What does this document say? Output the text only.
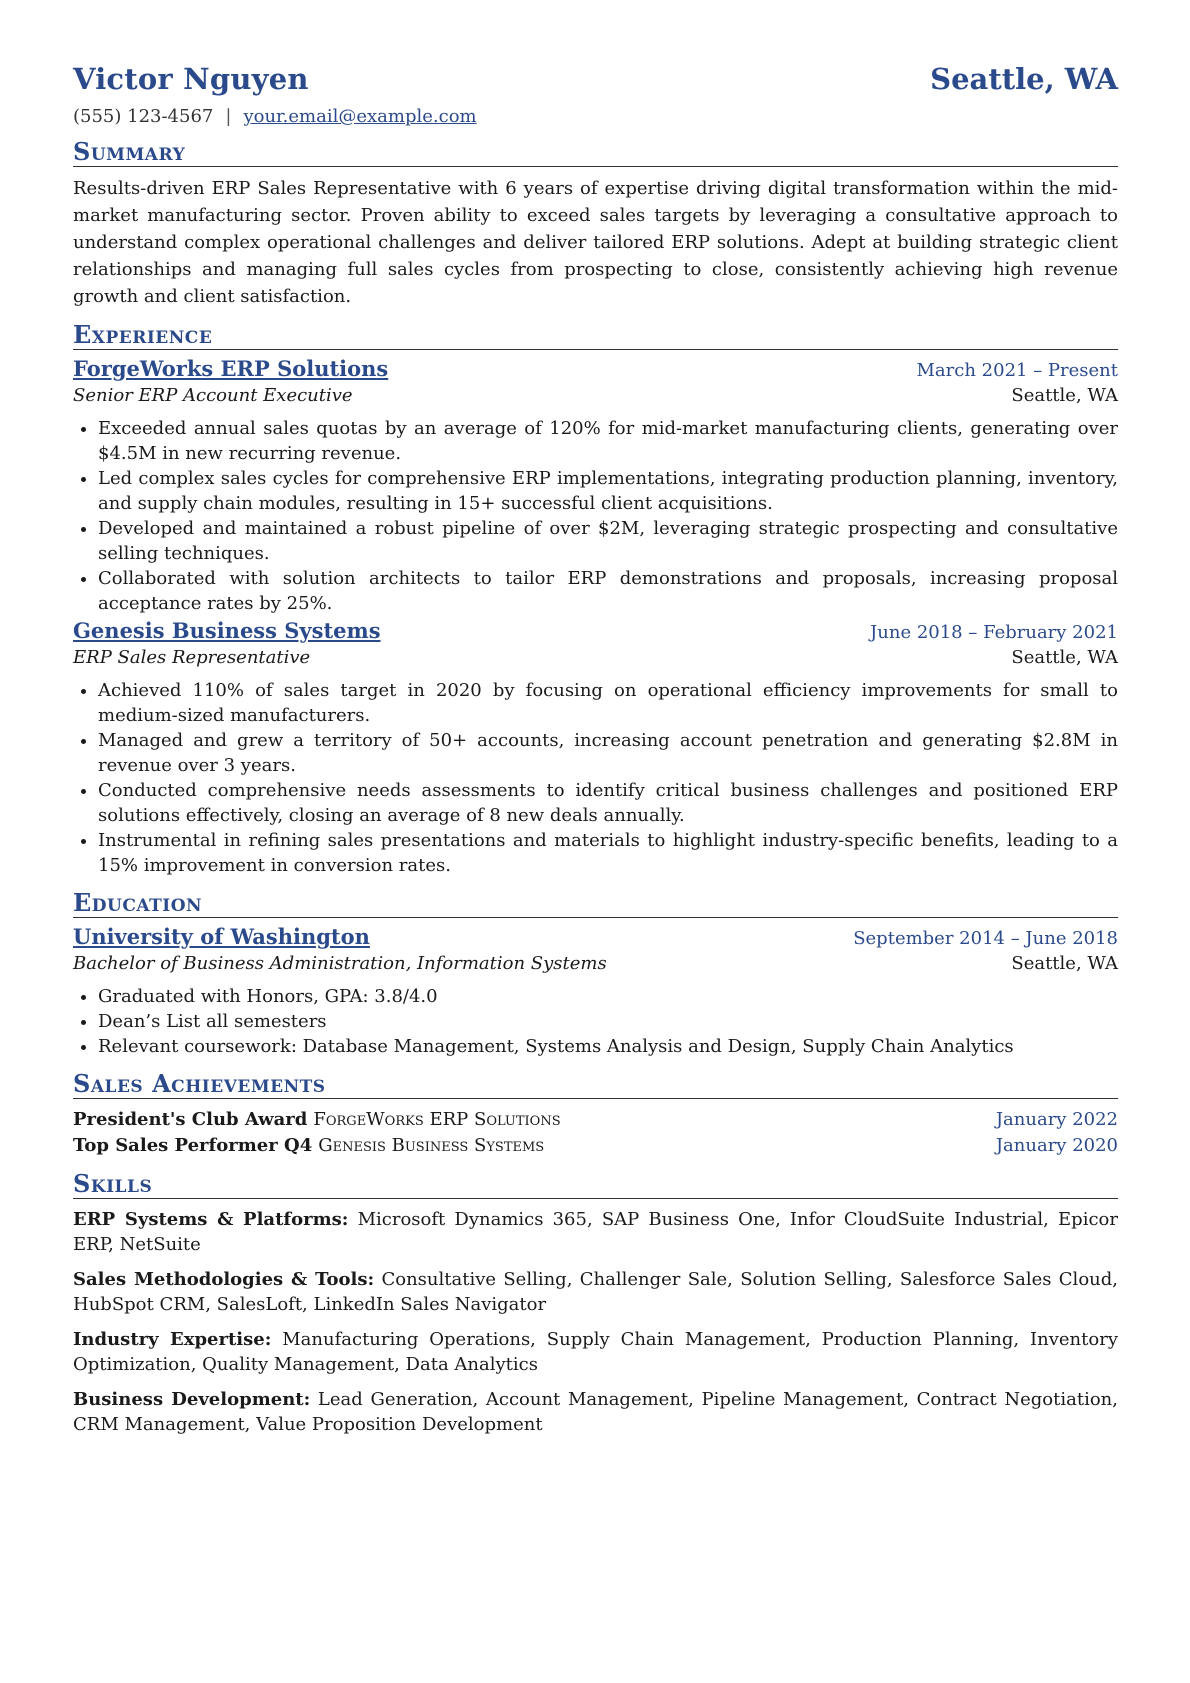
Victor Nguyen	Seattle, WA
(555) 123-4567 | your.email@example.com
Summary
Results-driven ERP Sales Representative with 6 years of expertise driving digital transformation within the mid-market manufacturing sector. Proven ability to exceed sales targets by leveraging a consultative approach to understand complex operational challenges and deliver tailored ERP solutions. Adept at building strategic client relationships and managing full sales cycles from prospecting to close, consistently achieving high revenue growth and client satisfaction.
Experience
ForgeWorks ERP Solutions	March 2021 – Present
Senior ERP Account Executive	Seattle, WA
• Exceeded annual sales quotas by an average of 120% for mid-market manufacturing clients, generating over $4.5M in new recurring revenue.
• Led complex sales cycles for comprehensive ERP implementations, integrating production planning, inventory, and supply chain modules, resulting in 15+ successful client acquisitions.
• Developed and maintained a robust pipeline of over $2M, leveraging strategic prospecting and consultative selling techniques.
• Collaborated with solution architects to tailor ERP demonstrations and proposals, increasing proposal acceptance rates by 25%.
Genesis Business Systems	June 2018 – February 2021
ERP Sales Representative	Seattle, WA
• Achieved 110% of sales target in 2020 by focusing on operational efficiency improvements for small to medium-sized manufacturers.
• Managed and grew a territory of 50+ accounts, increasing account penetration and generating $2.8M in revenue over 3 years.
• Conducted comprehensive needs assessments to identify critical business challenges and positioned ERP solutions effectively, closing an average of 8 new deals annually.
• Instrumental in refining sales presentations and materials to highlight industry-specific benefits, leading to a 15% improvement in conversion rates.
Education
University of Washington	September 2014 – June 2018
Bachelor of Business Administration, Information Systems	Seattle, WA
• Graduated with Honors, GPA: 3.8/4.0
• Dean’s List all semesters
• Relevant coursework: Database Management, Systems Analysis and Design, Supply Chain Analytics
Sales Achievements
President's Club Award ForgeWorks ERP Solutions	January 2022
Top Sales Performer Q4 Genesis Business Systems	January 2020
Skills
ERP Systems & Platforms: Microsoft Dynamics 365, SAP Business One, Infor CloudSuite Industrial, Epicor ERP, NetSuite
Sales Methodologies & Tools: Consultative Selling, Challenger Sale, Solution Selling, Salesforce Sales Cloud, HubSpot CRM, SalesLoft, LinkedIn Sales Navigator
Industry Expertise: Manufacturing Operations, Supply Chain Management, Production Planning, Inventory Optimization, Quality Management, Data Analytics
Business Development: Lead Generation, Account Management, Pipeline Management, Contract Negotiation, CRM Management, Value Proposition Development
